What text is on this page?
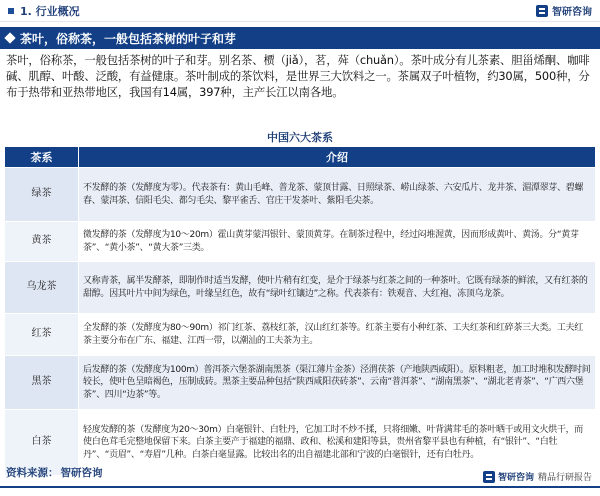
1. 行业概况	智研咨询
茶叶，俗称茶，一般包括茶树的叶子和芽
茶叶，俗称茶，一般包括茶树的叶子和芽。别名茶、槚（jiǎ），茗，荈（chuǎn）。茶叶成分有儿茶素、胆甾烯酮、咖啡碱、肌醇、叶酸、泛酸，有益健康。茶叶制成的茶饮料，是世界三大饮料之一。茶属双子叶植物，约30属，500种，分布于热带和亚热带地区，我国有14属，397种，主产长江以南各地。
中国六大茶系
茶系	介绍
绿茶	不发酵的茶（发酵度为零）。代表茶有：黄山毛峰、普龙茶、蒙顶甘露、日照绿茶、崂山绿茶、六安瓜片、龙井茶、湄潭翠芽、碧螺春、蒙洱茶、信阳毛尖、都匀毛尖、黎平雀舌、官庄干发茶叶、紫阳毛尖茶。
黄茶	微发酵的茶（发酵度为10～20m）霍山黄芽蒙洱银针、蒙顶黄芽。在制茶过程中，经过闷堆渥黄，因而形成黄叶、黄汤。分“黄芽茶”、“黄小茶”、“黄大茶”三类。
乌龙茶	又称青茶，属半发酵茶，即制作时适当发酵，使叶片稍有红变，是介于绿茶与红茶之间的一种茶叶。它既有绿茶的鲜浓，又有红茶的甜醇。因其叶片中间为绿色，叶缘呈红色，故有“绿叶红镶边”之称。代表茶有：铁观音、大红袍、冻顶乌龙茶。
红茶	全发酵的茶（发酵度为80～90m）祁门红茶、荔枝红茶，汉山红红茶等。红茶主要有小种红茶、工夫红茶和红碎茶三大类。工夫红茶主要分布在广东、福建、江西一带，以潮汕的工夫茶为主。
黑茶	后发酵的茶（发酵度为100m）普洱茶六堡茶湖南黑茶（渠江薄片金茶）泾渭茯茶（产地陕西咸阳）。原料粗老，加工时堆积发酵时间较长，使叶色呈暗褐色，压制成砖。黑茶主要品种包括“陕西咸阳茯砖茶”、云南“普洱茶”、“湖南黑茶”、“湖北老青茶”、“广西六堡茶”、四川“边茶”等。
白茶	轻度发酵的茶（发酵度为20～30m）白毫银针、白牡丹，它加工时不炒不揉，只将细嫩、叶背满茸毛的茶叶晒干或用文火烘干，而使白色茸毛完整地保留下来。白茶主要产于福建的福鼎、政和、松溪和建阳等县，贵州省黎平县也有种植，有“银针”、“白牡丹”、“贡眉”、“寿眉”几种。白茶白毫显露。比较出名的出自福建北部和宁波的白毫银针，还有白牡丹。
资料来源： 智研咨询	智研咨询 精品行研报告
